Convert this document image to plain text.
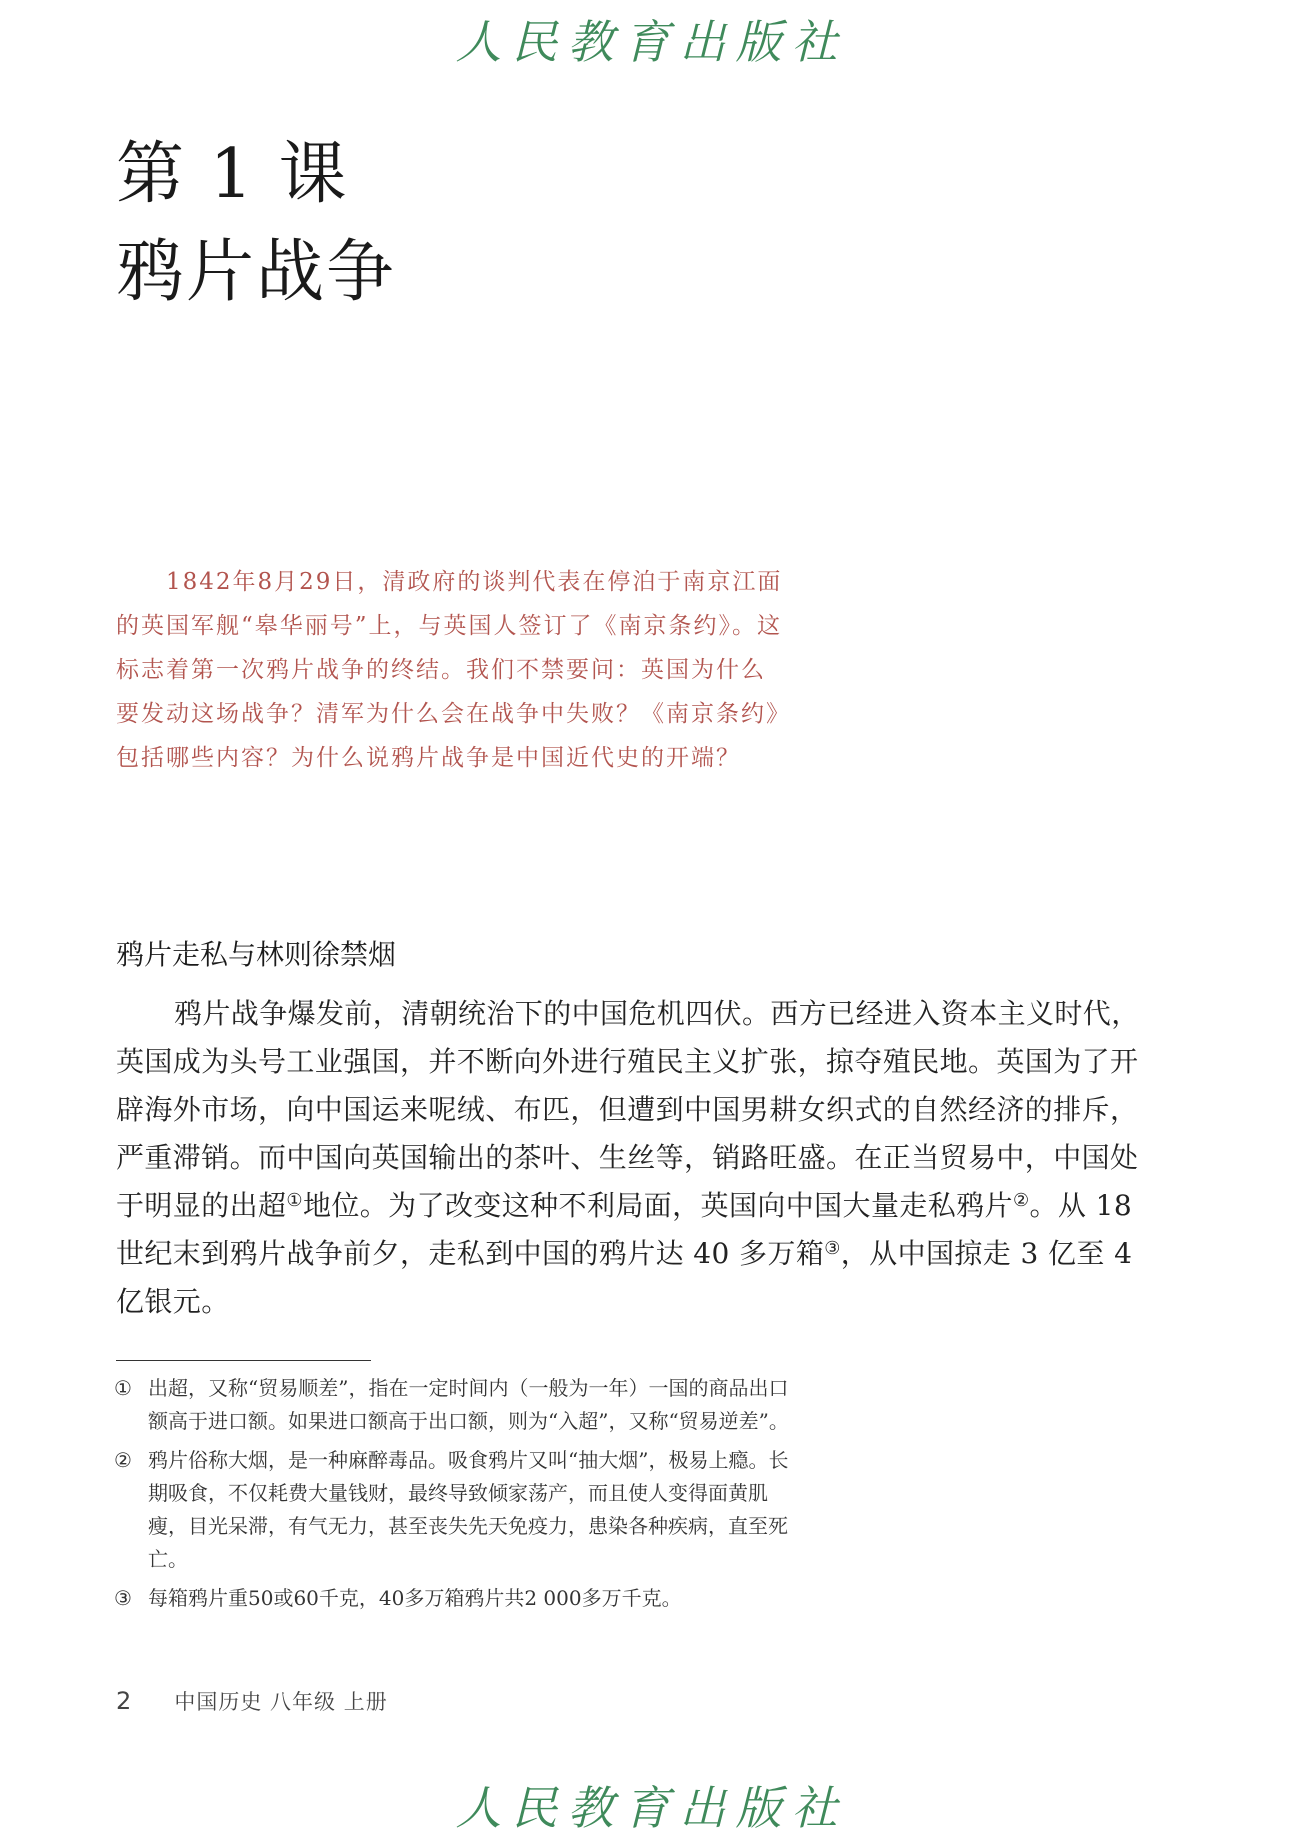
人民教育出版社
第 1 课
鸦片战争
1842年8月29日，清政府的谈判代表在停泊于南京江面的英国军舰“皋华丽号”上，与英国人签订了《南京条约》。这标志着第一次鸦片战争的终结。我们不禁要问：英国为什么要发动这场战争？清军为什么会在战争中失败？《南京条约》包括哪些内容？为什么说鸦片战争是中国近代史的开端？
鸦片走私与林则徐禁烟
鸦片战争爆发前，清朝统治下的中国危机四伏。西方已经进入资本主义时代，英国成为头号工业强国，并不断向外进行殖民主义扩张，掠夺殖民地。英国为了开辟海外市场，向中国运来呢绒、布匹，但遭到中国男耕女织式的自然经济的排斥，严重滞销。而中国向英国输出的茶叶、生丝等，销路旺盛。在正当贸易中，中国处于明显的出超①地位。为了改变这种不利局面，英国向中国大量走私鸦片②。从 18 世纪末到鸦片战争前夕，走私到中国的鸦片达 40 多万箱③，从中国掠走 3 亿至 4 亿银元。
① 出超，又称“贸易顺差”，指在一定时间内（一般为一年）一国的商品出口额高于进口额。如果进口额高于出口额，则为“入超”，又称“贸易逆差”。
② 鸦片俗称大烟，是一种麻醉毒品。吸食鸦片又叫“抽大烟”，极易上瘾。长期吸食，不仅耗费大量钱财，最终导致倾家荡产，而且使人变得面黄肌瘦，目光呆滞，有气无力，甚至丧失先天免疫力，患染各种疾病，直至死亡。
③ 每箱鸦片重50或60千克，40多万箱鸦片共2 000多万千克。
2 中国历史 八年级 上册
人民教育出版社
